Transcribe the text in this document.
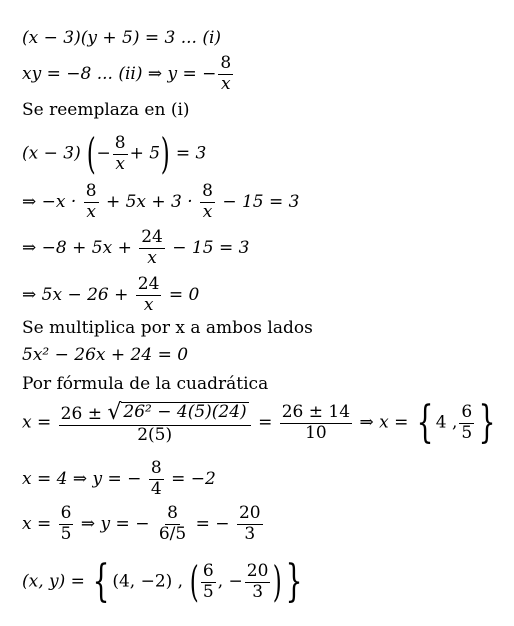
(x − 3)(y + 5) = 3 ... (i)
xy = −8 ... (ii) ⇒ y = − $\frac{8}{x}$
Se reemplaza en (i)
(x − 3) (− $\frac{8}{x} + 5) = 3$
⇒ $-x \cdot \frac{8}{x} + 5x + 3 \cdot \frac{8}{x} - 15 = 3$
⇒ $-8 + 5x + \frac{24}{x} - 15 = 3$
⇒ $5x - 26 + \frac{24}{x} = 0$
Se multiplica por x a ambos lados
5x² − 26x + 24 = 0
Por fórmula de la cuadrática
$x = \frac{\text{26 ± √ 26² − 4(5)(24)}}{2(5)} = \frac{26 \pm 14}{10}$ ⇒ x = { 4 , $\frac{6}{5}$ }
x = 4 ⇒ y = − $\frac{8}{4} = -2$
$x = \frac{6}{5}$ ⇒ y = − $\frac{8}{6/5}$ = − $\frac{20}{3}$
(x, y) = { (4, −2) , ( $\frac{6}{5}$ , − $\frac{20}{3}$ )}
